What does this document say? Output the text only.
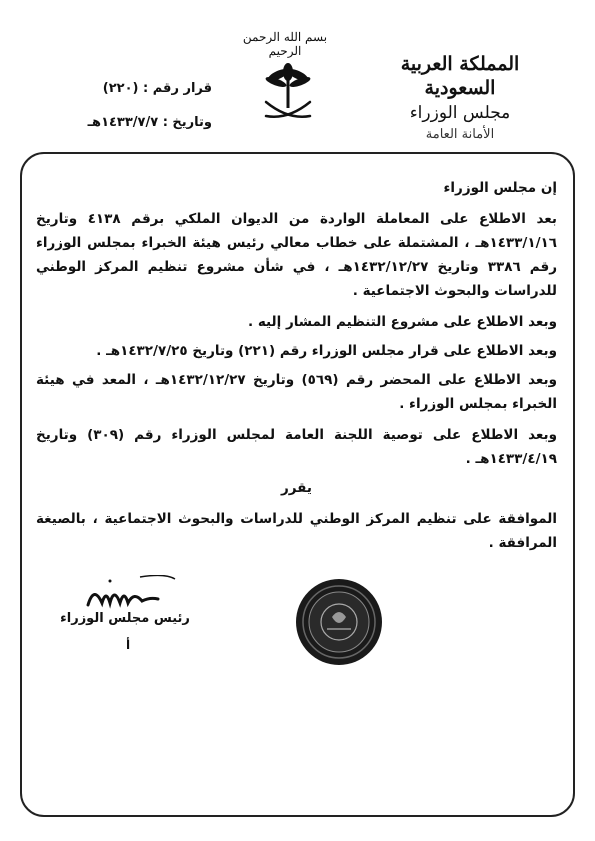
بسم الله الرحمن الرحيم
المملكة العربية السعودية
مجلس الوزراء
الأمانة العامة
قرار رقم : (٢٢٠)
وتاريخ : ١٤٣٣/٧/٧هـ
إن مجلس الوزراء
بعد الاطلاع على المعاملة الواردة من الديوان الملكي برقم ٤١٣٨ وتاريخ ١٤٣٣/١/١٦هـ ، المشتملة على خطاب معالي رئيس هيئة الخبراء بمجلس الوزراء رقم ٣٣٨٦ وتاريخ ١٤٣٢/١٢/٢٧هـ ، في شأن مشروع تنظيم المركز الوطني للدراسات والبحوث الاجتماعية .
وبعد الاطلاع على مشروع التنظيم المشار إليه .
وبعد الاطلاع على قرار مجلس الوزراء رقم (٢٢١) وتاريخ ١٤٣٢/٧/٢٥هـ .
وبعد الاطلاع على المحضر رقم (٥٦٩) وتاريخ ١٤٣٢/١٢/٢٧هـ ، المعد في هيئة الخبراء بمجلس الوزراء .
وبعد الاطلاع على توصية اللجنة العامة لمجلس الوزراء رقم (٣٠٩) وتاريخ ١٤٣٣/٤/١٩هـ .
يقرر
الموافقة على تنظيم المركز الوطني للدراسات والبحوث الاجتماعية ، بالصيغة المرافقة .
رئيس مجلس الوزراء
أ
